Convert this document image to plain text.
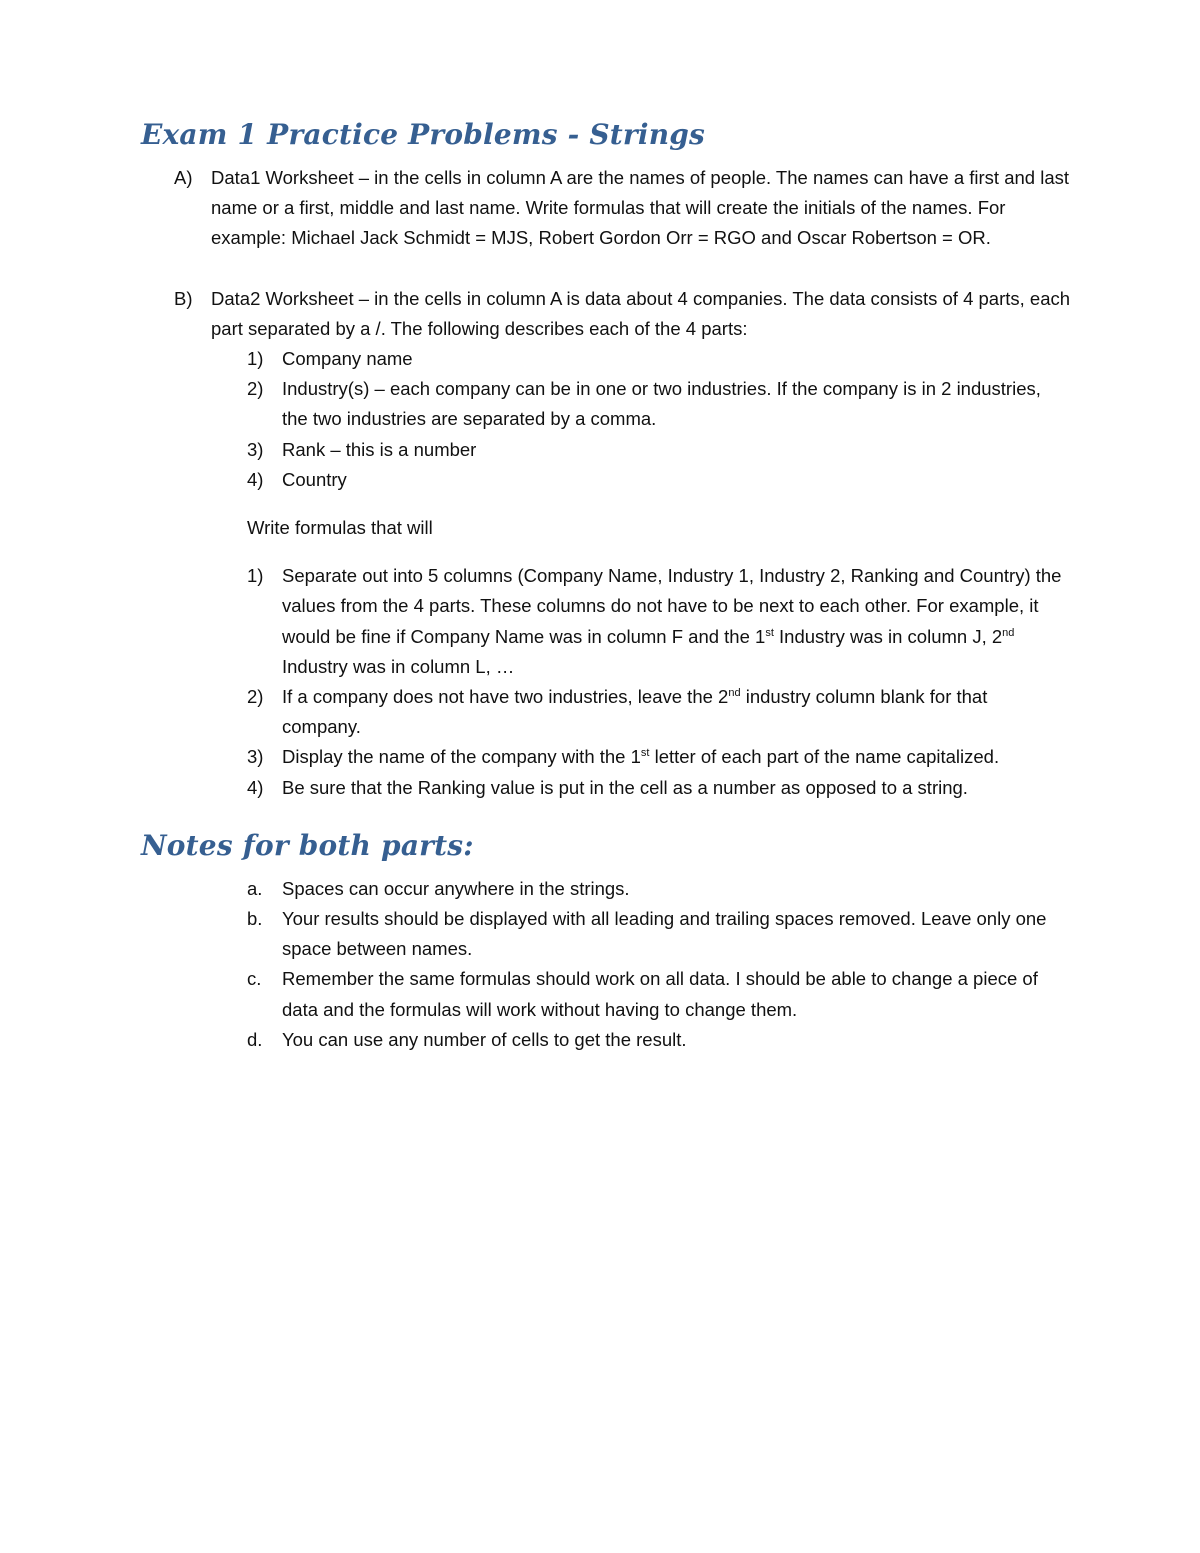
Exam 1 Practice Problems - Strings
A) Data1 Worksheet – in the cells in column A are the names of people. The names can have a first and last name or a first, middle and last name. Write formulas that will create the initials of the names. For example: Michael Jack Schmidt = MJS, Robert Gordon Orr = RGO and Oscar Robertson = OR.
B) Data2 Worksheet – in the cells in column A is data about 4 companies. The data consists of 4 parts, each part separated by a /. The following describes each of the 4 parts:
1) Company name
2) Industry(s) – each company can be in one or two industries. If the company is in 2 industries, the two industries are separated by a comma.
3) Rank – this is a number
4) Country
Write formulas that will
1) Separate out into 5 columns (Company Name, Industry 1, Industry 2, Ranking and Country) the values from the 4 parts. These columns do not have to be next to each other. For example, it would be fine if Company Name was in column F and the 1st Industry was in column J, 2nd Industry was in column L, …
2) If a company does not have two industries, leave the 2nd industry column blank for that company.
3) Display the name of the company with the 1st letter of each part of the name capitalized.
4) Be sure that the Ranking value is put in the cell as a number as opposed to a string.
Notes for both parts:
a. Spaces can occur anywhere in the strings.
b. Your results should be displayed with all leading and trailing spaces removed. Leave only one space between names.
c. Remember the same formulas should work on all data. I should be able to change a piece of data and the formulas will work without having to change them.
d. You can use any number of cells to get the result.
